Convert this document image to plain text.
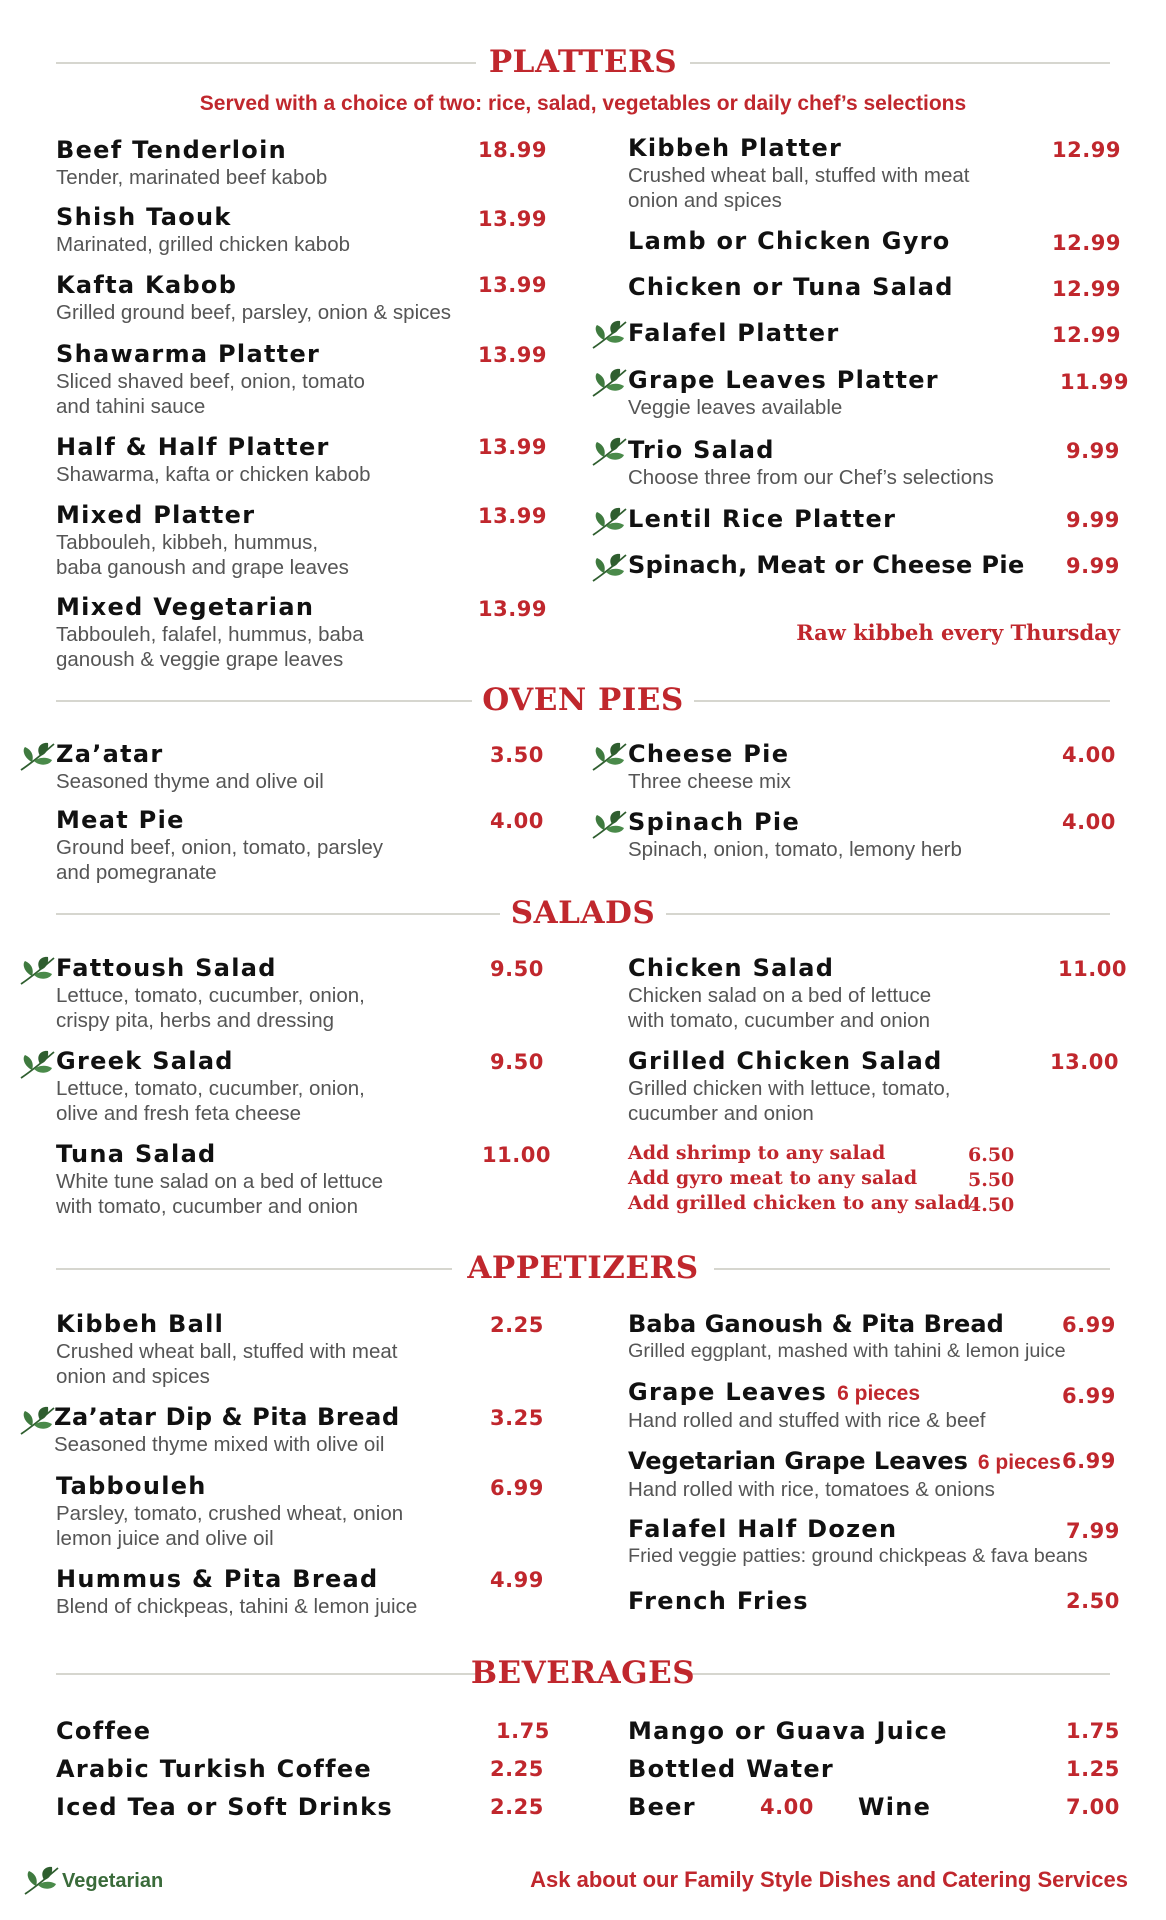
PLATTERS
Served with a choice of two: rice, salad, vegetables or daily chef’s selections
Beef Tenderloin
Tender, marinated beef kabob
18.99
Shish Taouk
Marinated, grilled chicken kabob
13.99
Kafta Kabob
Grilled ground beef, parsley, onion & spices
13.99
Shawarma Platter
Sliced shaved beef, onion, tomato
and tahini sauce
13.99
Half & Half Platter
Shawarma, kafta or chicken kabob
13.99
Mixed Platter
Tabbouleh, kibbeh, hummus,
baba ganoush and grape leaves
13.99
Mixed Vegetarian
Tabbouleh, falafel, hummus, baba
ganoush & veggie grape leaves
13.99
Kibbeh Platter
Crushed wheat ball, stuffed with meat
onion and spices
12.99
Lamb or Chicken Gyro	12.99
Chicken or Tuna Salad	12.99
Falafel Platter	12.99
Grape Leaves Platter
Veggie leaves available
11.99
Trio Salad
Choose three from our Chef’s selections
9.99
Lentil Rice Platter	9.99
Spinach, Meat or Cheese Pie 9.99
Raw kibbeh every Thursday
OVEN PIES
Za’atar
Seasoned thyme and olive oil
3.50
Meat Pie
Ground beef, onion, tomato, parsley
and pomegranate
4.00
Cheese Pie
Three cheese mix
4.00
Spinach Pie
Spinach, onion, tomato, lemony herb
4.00
SALADS
Fattoush Salad
Lettuce, tomato, cucumber, onion,
crispy pita, herbs and dressing
9.50
Greek Salad
Lettuce, tomato, cucumber, onion,
olive and fresh feta cheese
9.50
Tuna Salad
White tune salad on a bed of lettuce
with tomato, cucumber and onion
11.00
Chicken Salad
Chicken salad on a bed of lettuce
with tomato, cucumber and onion
11.00
Grilled Chicken Salad
Grilled chicken with lettuce, tomato,
cucumber and onion
13.00
Add shrimp to any salad	6.50
Add gyro meat to any salad	5.50
Add grilled chicken to any salad
4.50
APPETIZERS
Kibbeh Ball
Crushed wheat ball, stuffed with meat
onion and spices
2.25
Za’atar Dip & Pita Bread
Seasoned thyme mixed with olive oil
3.25
Tabbouleh
Parsley, tomato, crushed wheat, onion
lemon juice and olive oil
6.99
Hummus & Pita Bread
Blend of chickpeas, tahini & lemon juice
4.99
Baba Ganoush & Pita Bread
Grilled eggplant, mashed with tahini & lemon juice
6.99
Grape Leaves 6 pieces
Hand rolled and stuffed with rice & beef
6.99
Vegetarian Grape Leaves 6 pieces
Hand rolled with rice, tomatoes & onions
6.99
Falafel Half Dozen
Fried veggie patties: ground chickpeas & fava beans
7.99
French Fries	2.50
BEVERAGES
Coffee	1.75
Arabic Turkish Coffee	2.25
Iced Tea or Soft Drinks	2.25
Mango or Guava Juice	1.75
Bottled Water	1.25
Beer	4.00 Wine	7.00
Vegetarian	Ask about our Family Style Dishes and Catering Services
